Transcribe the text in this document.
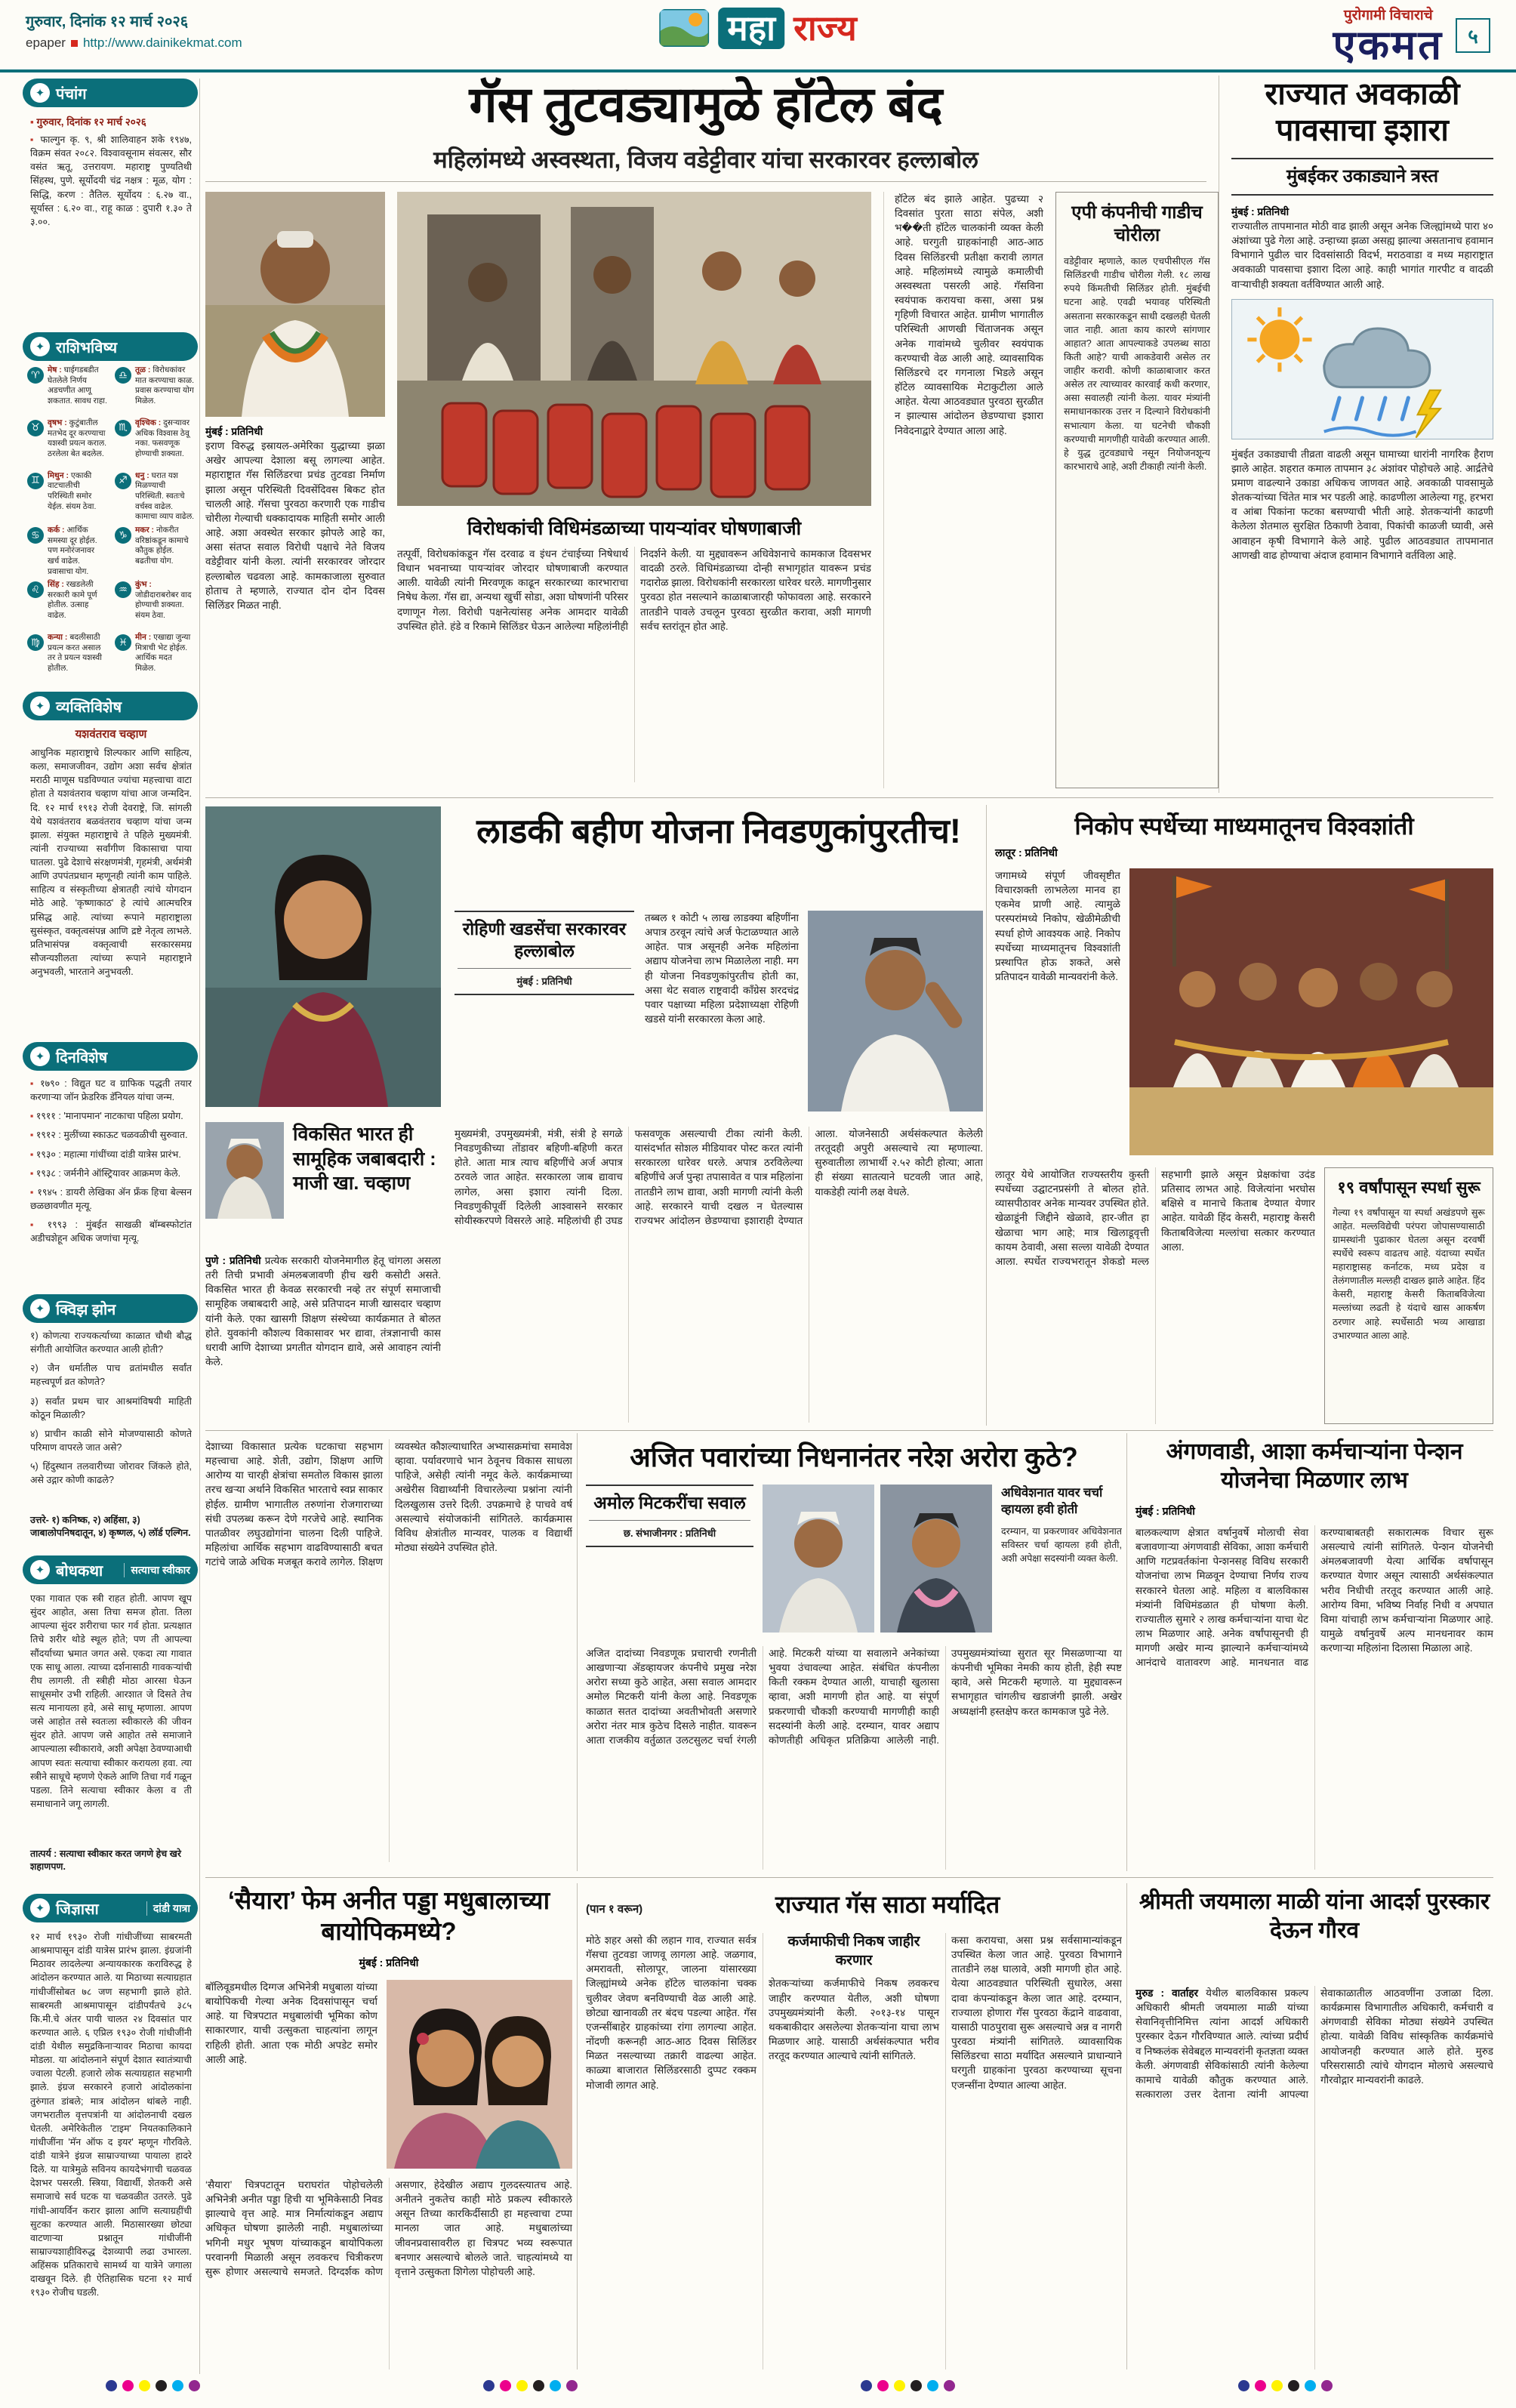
गुरुवार, दिनांक १२ मार्च २०२६
epaper http://www.dainikekmat.com	महा राज्य	पुरोगामी विचाराचे
एकमत	५
✦ पंचांग
▪ गुरुवार, दिनांक १२ मार्च २०२६
▪ फाल्गुन कृ. ९, श्री शालिवाहन शके १९४७, विक्रम संवत २०८२. विश्वावसूनाम संवत्सर, सौर वसंत ऋतू, उत्तरायण. महाराष्ट्र पुण्यतिथी सिंहस्थ, पुणे. सूर्योदयी चंद्र नक्षत्र : मूळ, योग : सिद्धि, करण : तैतिल. सूर्योदय : ६.२७ वा., सूर्यास्त : ६.२० वा., राहू काळ : दुपारी १.३० ते ३.००.
✦ राशिभविष्य
♈ मेष : घाईगडबडीत घेतलेले निर्णय अडचणीत आणू शकतात. सावध राहा.
♉ वृषभ : कुटुंबातील मतभेद दूर करण्याचा यशस्वी प्रयत्न कराल. ठरलेला बेत बदलेल.
♊ मिथुन : एकाकी वाटचालीची परिस्थिती समोर येईल. संयम ठेवा.
♋ कर्क : आर्थिक समस्या दूर होईल. पण मनोरंजनावर खर्च वाढेल. प्रवासाचा योग.
♌ सिंह : रखडलेली सरकारी कामे पूर्ण होतील. उत्साह वाढेल.
♍ कन्या : बदलीसाठी प्रयत्न करत असाल तर ते प्रयत्न यशस्वी होतील.
♎ तूळ : विरोधकांवर मात करण्याचा काळ. प्रवास करण्याचा योग मिळेल.
♏ वृश्चिक : दुसऱ्यावर अधिक विश्वास ठेवू नका. फसवणूक होण्याची शक्यता.
♐ धनु : घरात यश मिळण्याची परिस्थिती. स्वतःचे वर्चस्व वाढेल. कामाचा व्याप वाढेल.
♑ मकर : नोकरीत वरिष्ठांकडून कामाचे कौतुक होईल. बढतीचा योग.
♒ कुंभ : जोडीदाराबरोबर वाद होण्याची शक्यता. संयम ठेवा.
♓ मीन : एखाद्या जुन्या मित्राची भेट होईल. आर्थिक मदत मिळेल.
✦ व्यक्तिविशेष
यशवंतराव चव्हाण
आधुनिक महाराष्ट्राचे शिल्पकार आणि साहित्य, कला, समाजजीवन, उद्योग अशा सर्वच क्षेत्रांत मराठी माणूस घडविण्यात ज्यांचा महत्त्वाचा वाटा होता ते यशवंतराव चव्हाण यांचा आज जन्मदिन. दि. १२ मार्च १९१३ रोजी देवराष्ट्रे, जि. सांगली येथे यशवंतराव बळवंतराव चव्हाण यांचा जन्म झाला. संयुक्त महाराष्ट्राचे ते पहिले मुख्यमंत्री. त्यांनी राज्याच्या सर्वांगीण विकासाचा पाया घातला. पुढे देशाचे संरक्षणमंत्री, गृहमंत्री, अर्थमंत्री आणि उपपंतप्रधान म्हणूनही त्यांनी काम पाहिले. साहित्य व संस्कृतीच्या क्षेत्रातही त्यांचे योगदान मोठे आहे. 'कृष्णाकाठ' हे त्यांचे आत्मचरित्र प्रसिद्ध आहे. त्यांच्या रूपाने महाराष्ट्राला सुसंस्कृत, वक्तृत्वसंपन्न आणि द्रष्टे नेतृत्व लाभले. प्रतिभासंपन्न वक्तृत्वाची सरकारसमग्र सौजन्यशीलता त्यांच्या रूपाने महाराष्ट्राने अनुभवली, भारताने अनुभवली.
✦ दिनविशेष
▪ १७९० : विद्युत घट व ग्राफिक पद्धती तयार करणाऱ्या जॉन फ्रेडरिक डॅनियल यांचा जन्म.
▪ १९११ : 'मानापमान' नाटकाचा पहिला प्रयोग.
▪ १९१२ : मुलींच्या स्काऊट चळवळीची सुरुवात.
▪ १९३० : महात्मा गांधींच्या दांडी यात्रेस प्रारंभ.
▪ १९३८ : जर्मनीने ऑस्ट्रियावर आक्रमण केले.
▪ १९४५ : डायरी लेखिका ॲन फ्रँक हिचा बेल्सन छळछावणीत मृत्यू.
▪ १९९३ : मुंबईत साखळी बॉम्बस्फोटांत अडीचशेहून अधिक जणांचा मृत्यू.
✦ क्विझ झोन
१) कोणत्या राज्यकर्त्याच्या काळात चौथी बौद्ध संगीती आयोजित करण्यात आली होती?
२) जैन धर्मातील पाच व्रतांमधील सर्वांत महत्त्वपूर्ण व्रत कोणते?
३) सर्वांत प्रथम चार आश्रमांविषयी माहिती कोठून मिळाली?
४) प्राचीन काळी सोने मोजण्यासाठी कोणते परिमाण वापरले जात असे?
५) हिंदुस्थान तलवारीच्या जोरावर जिंकले होते, असे उद्गार कोणी काढले?
उत्तरे- १) कनिष्क, २) अहिंसा, ३) जाबालोपनिषदातून, ४) कृष्णल, ५) लॉर्ड एल्गिन.
✦ बोधकथा	सत्याचा स्वीकार
एका गावात एक स्त्री राहत होती. आपण खूप सुंदर आहोत, असा तिचा समज होता. तिला आपल्या सुंदर शरीराचा फार गर्व होता. प्रत्यक्षात तिचे शरीर थोडे स्थूल होते; पण ती आपल्या सौंदर्याच्या भ्रमात जगत असे. एकदा त्या गावात एक साधू आला. त्याच्या दर्शनासाठी गावकऱ्यांची रीघ लागली. ती स्त्रीही मोठा आरसा घेऊन साधूसमोर उभी राहिली. आरशात जे दिसते तेच सत्य मानायला हवे, असे साधू म्हणाला. आपण जसे आहोत तसे स्वतःला स्वीकारले की जीवन सुंदर होते. आपण जसे आहोत तसे समाजाने आपल्याला स्वीकारावे, अशी अपेक्षा ठेवण्याआधी आपण स्वतः सत्याचा स्वीकार करायला हवा. त्या स्त्रीने साधूचे म्हणणे ऐकले आणि तिचा गर्व गळून पडला. तिने सत्याचा स्वीकार केला व ती समाधानाने जगू लागली.
तात्पर्य : सत्याचा स्वीकार करत जगणे हेच खरे शहाणपण.
✦ जिज्ञासा	दांडी यात्रा
१२ मार्च १९३० रोजी गांधीजींच्या साबरमती आश्रमापासून दांडी यात्रेस प्रारंभ झाला. इंग्रजांनी मिठावर लादलेल्या अन्यायकारक कराविरुद्ध हे आंदोलन करण्यात आले. या मिठाच्या सत्याग्रहात गांधीजींसोबत ७८ जण सहभागी झाले होते. साबरमती आश्रमापासून दांडीपर्यंतचे ३८५ कि.मी.चे अंतर पायी चालत २४ दिवसांत पार करण्यात आले. ६ एप्रिल १९३० रोजी गांधीजींनी दांडी येथील समुद्रकिनाऱ्यावर मिठाचा कायदा मोडला. या आंदोलनाने संपूर्ण देशात स्वातंत्र्याची ज्वाला पेटली. हजारो लोक सत्याग्रहात सहभागी झाले. इंग्रज सरकारने हजारो आंदोलकांना तुरुंगात डांबले; मात्र आंदोलन थांबले नाही. जगभरातील वृत्तपत्रांनी या आंदोलनाची दखल घेतली. अमेरिकेतील 'टाइम' नियतकालिकाने गांधीजींना 'मॅन ऑफ द इयर' म्हणून गौरविले. दांडी यात्रेने इंग्रज साम्राज्याच्या पायाला हादरे दिले. या यात्रेमुळे सविनय कायदेभंगाची चळवळ देशभर पसरली. स्त्रिया, विद्यार्थी, शेतकरी असे समाजाचे सर्व घटक या चळवळीत उतरले. पुढे गांधी-आयर्विन करार झाला आणि सत्याग्रहींची सुटका करण्यात आली. मिठासारख्या छोट्या वाटणाऱ्या प्रश्नातून गांधीजींनी साम्राज्यशाहीविरुद्ध देशव्यापी लढा उभारला. अहिंसक प्रतिकाराचे सामर्थ्य या यात्रेने जगाला दाखवून दिले. ही ऐतिहासिक घटना १२ मार्च १९३० रोजीच घडली.
गॅस तुटवड्यामुळे हॉटेल बंद
महिलांमध्ये अस्वस्थता, विजय वडेट्टीवार यांचा सरकारवर हल्लाबोल

मुंबई : प्रतिनिधी
इराण विरुद्ध इस्रायल-अमेरिका युद्धाच्या झळा अखेर आपल्या देशाला बसू लागल्या आहेत. महाराष्ट्रात गॅस सिलिंडरचा प्रचंड तुटवडा निर्माण झाला असून परिस्थिती दिवसेंदिवस बिकट होत चालली आहे. गॅसचा पुरवठा करणारी एक गाडीच चोरीला गेल्याची धक्कादायक माहिती समोर आली आहे. अशा अवस्थेत सरकार झोपले आहे का, असा संतप्त सवाल विरोधी पक्षाचे नेते विजय वडेट्टीवार यांनी केला. त्यांनी सरकारवर जोरदार हल्लाबोल चढवला आहे. कामकाजाला सुरुवात होताच ते म्हणाले, राज्यात दोन दोन दिवस सिलिंडर मिळत नाही.

विरोधकांची विधिमंडळाच्या पायऱ्यांवर घोषणाबाजी
तत्पूर्वी, विरोधकांकडून गॅस दरवाढ व इंधन टंचाईच्या निषेधार्थ विधान भवनाच्या पायऱ्यांवर जोरदार घोषणाबाजी करण्यात आली. यावेळी त्यांनी मिरवणूक काढून सरकारच्या कारभाराचा निषेध केला. गॅस द्या, अन्यथा खुर्ची सोडा, अशा घोषणांनी परिसर दणाणून गेला. विरोधी पक्षनेत्यांसह अनेक आमदार यावेळी उपस्थित होते. हंडे व रिकामे सिलिंडर घेऊन आलेल्या महिलांनीही निदर्शने केली. या मुद्द्यावरून अधिवेशनाचे कामकाज दिवसभर वादळी ठरले. विधिमंडळाच्या दोन्ही सभागृहांत यावरून प्रचंड गदारोळ झाला. विरोधकांनी सरकारला धारेवर धरले. मागणीनुसार पुरवठा होत नसल्याने काळाबाजारही फोफावला आहे. सरकारने तातडीने पावले उचलून पुरवठा सुरळीत करावा, अशी मागणी सर्वच स्तरांतून होत आहे.
हॉटेल बंद झाले आहेत. पुढच्या २ दिवसांत पुरता साठा संपेल, अशी भ��ती हॉटेल चालकांनी व्यक्त केली आहे. घरगुती ग्राहकांनाही आठ-आठ दिवस सिलिंडरची प्रतीक्षा करावी लागत आहे. महिलांमध्ये त्यामुळे कमालीची अस्वस्थता पसरली आहे. गॅसविना स्वयंपाक करायचा कसा, असा प्रश्न गृहिणी विचारत आहेत. ग्रामीण भागातील परिस्थिती आणखी चिंताजनक असून अनेक गावांमध्ये चुलीवर स्वयंपाक करण्याची वेळ आली आहे. व्यावसायिक सिलिंडरचे दर गगनाला भिडले असून हॉटेल व्यावसायिक मेटाकुटीला आले आहेत. येत्या आठवड्यात पुरवठा सुरळीत न झाल्यास आंदोलन छेडण्याचा इशारा निवेदनाद्वारे देण्यात आला आहे.
एपी कंपनीची गाडीच चोरीला
वडेट्टीवार म्हणाले, काल एचपीसीएल गॅस सिलिंडरची गाडीच चोरीला गेली. १८ लाख रुपये किंमतीची सिलिंडर होती. मुंबईची घटना आहे. एवढी भयावह परिस्थिती असताना सरकारकडून साधी दखलही घेतली जात नाही. आता काय कारणे सांगणार आहात? आता आपल्याकडे उपलब्ध साठा किती आहे? याची आकडेवारी असेल तर जाहीर करावी. कोणी काळाबाजार करत असेल तर त्याच्यावर कारवाई कधी करणार, असा सवालही त्यांनी केला. यावर मंत्र्यांनी समाधानकारक उत्तर न दिल्याने विरोधकांनी सभात्याग केला. या घटनेची चौकशी करण्याची मागणीही यावेळी करण्यात आली. हे युद्ध तुटवड्याचे नसून नियोजनशून्य कारभाराचे आहे, अशी टीकाही त्यांनी केली.
राज्यात अवकाळी पावसाचा इशारा
मुंबईकर उकाड्याने त्रस्त

मुंबई : प्रतिनिधी
राज्यातील तापमानात मोठी वाढ झाली असून अनेक जिल्ह्यांमध्ये पारा ४० अंशांच्या पुढे गेला आहे. उन्हाच्या झळा असह्य झाल्या असतानाच हवामान विभागाने पुढील चार दिवसांसाठी विदर्भ, मराठवाडा व मध्य महाराष्ट्रात अवकाळी पावसाचा इशारा दिला आहे. काही भागांत गारपीट व वादळी वाऱ्याचीही शक्यता वर्तविण्यात आली आहे.

मुंबईत उकाड्याची तीव्रता वाढली असून घामाच्या धारांनी नागरिक हैराण झाले आहेत. शहरात कमाल तापमान ३८ अंशांवर पोहोचले आहे. आर्द्रतेचे प्रमाण वाढल्याने उकाडा अधिकच जाणवत आहे. अवकाळी पावसामुळे शेतकऱ्यांच्या चिंतेत मात्र भर पडली आहे. काढणीला आलेल्या गहू, हरभरा व आंबा पिकांना फटका बसण्याची भीती आहे. शेतकऱ्यांनी काढणी केलेला शेतमाल सुरक्षित ठिकाणी ठेवावा, पिकांची काळजी घ्यावी, असे आवाहन कृषी विभागाने केले आहे. पुढील आठवड्यात तापमानात आणखी वाढ होण्याचा अंदाज हवामान विभागाने वर्तविला आहे.
लाडकी बहीण योजना निवडणुकांपुरतीच!
रोहिणी खडसेंचा सरकारवर हल्लाबोल
मुंबई : प्रतिनिधी
तब्बल १ कोटी ५ लाख लाडक्या बहिणींना अपात्र ठरवून त्यांचे अर्ज फेटाळण्यात आले आहेत. पात्र असूनही अनेक महिलांना अद्याप योजनेचा लाभ मिळालेला नाही. मग ही योजना निवडणुकांपुरतीच होती का, असा थेट सवाल राष्ट्रवादी काँग्रेस शरदचंद्र पवार पक्षाच्या महिला प्रदेशाध्यक्षा रोहिणी खडसे यांनी सरकारला केला आहे.
मुख्यमंत्री, उपमुख्यमंत्री, मंत्री, संत्री हे सगळे निवडणुकीच्या तोंडावर बहिणी-बहिणी करत होते. आता मात्र त्याच बहिणींचे अर्ज अपात्र ठरवले जात आहेत. सरकारला जाब द्यावाच लागेल, असा इशारा त्यांनी दिला. निवडणुकीपूर्वी दिलेली आश्वासने सरकार सोयीस्करपणे विसरले आहे. महिलांची ही उघड फसवणूक असल्याची टीका त्यांनी केली. यासंदर्भात सोशल मीडियावर पोस्ट करत त्यांनी सरकारला धारेवर धरले. अपात्र ठरविलेल्या बहिणींचे अर्ज पुन्हा तपासावेत व पात्र महिलांना तातडीने लाभ द्यावा, अशी मागणी त्यांनी केली आहे. सरकारने याची दखल न घेतल्यास राज्यभर आंदोलन छेडण्याचा इशाराही देण्यात आला. योजनेसाठी अर्थसंकल्पात केलेली तरतूदही अपुरी असल्याचे त्या म्हणाल्या. सुरुवातीला लाभार्थी २.५२ कोटी होत्या; आता ही संख्या सातत्याने घटवली जात आहे, याकडेही त्यांनी लक्ष वेधले.
विकसित भारत ही सामूहिक जबाबदारी : माजी खा. चव्हाण
पुणे : प्रतिनिधी प्रत्येक सरकारी योजनेमागील हेतू चांगला असला तरी तिची प्रभावी अंमलबजावणी हीच खरी कसोटी असते. विकसित भारत ही केवळ सरकारची नव्हे तर संपूर्ण समाजाची सामूहिक जबाबदारी आहे, असे प्रतिपादन माजी खासदार चव्हाण यांनी केले. एका खासगी शिक्षण संस्थेच्या कार्यक्रमात ते बोलत होते. युवकांनी कौशल्य विकासावर भर द्यावा, तंत्रज्ञानाची कास धरावी आणि देशाच्या प्रगतीत योगदान द्यावे, असे आवाहन त्यांनी केले.
निकोप स्पर्धेच्या माध्यमातूनच विश्वशांती
लातूर : प्रतिनिधी
जगामध्ये संपूर्ण जीवसृष्टीत विचारशक्ती लाभलेला मानव हा एकमेव प्राणी आहे. त्यामुळे परस्परांमध्ये निकोप, खेळीमेळीची स्पर्धा होणे आवश्यक आहे. निकोप स्पर्धेच्या माध्यमातूनच विश्वशांती प्रस्थापित होऊ शकते, असे प्रतिपादन यावेळी मान्यवरांनी केले.
लातूर येथे आयोजित राज्यस्तरीय कुस्ती स्पर्धेच्या उद्घाटनप्रसंगी ते बोलत होते. व्यासपीठावर अनेक मान्यवर उपस्थित होते. खेळाडूंनी जिद्दीने खेळावे, हार-जीत हा खेळाचा भाग आहे; मात्र खिलाडूवृत्ती कायम ठेवावी, असा सल्ला यावेळी देण्यात आला. स्पर्धेत राज्यभरातून शेकडो मल्ल सहभागी झाले असून प्रेक्षकांचा उदंड प्रतिसाद लाभत आहे. विजेत्यांना भरघोस बक्षिसे व मानाचे किताब देण्यात येणार आहेत. यावेळी हिंद केसरी, महाराष्ट्र केसरी किताबविजेत्या मल्लांचा सत्कार करण्यात आला.
१९ वर्षांपासून स्पर्धा सुरू
गेल्या १९ वर्षांपासून या स्पर्धा अखंडपणे सुरू आहेत. मल्लविद्येची परंपरा जोपासण्यासाठी ग्रामस्थांनी पुढाकार घेतला असून दरवर्षी स्पर्धेचे स्वरूप वाढतच आहे. यंदाच्या स्पर्धेत महाराष्ट्रासह कर्नाटक, मध्य प्रदेश व तेलंगणातील मल्लही दाखल झाले आहेत. हिंद केसरी, महाराष्ट्र केसरी किताबविजेत्या मल्लांच्या लढती हे यंदाचे खास आकर्षण ठरणार आहे. स्पर्धेसाठी भव्य आखाडा उभारण्यात आला आहे.
देशाच्या विकासात प्रत्येक घटकाचा सहभाग महत्त्वाचा आहे. शेती, उद्योग, शिक्षण आणि आरोग्य या चारही क्षेत्रांचा समतोल विकास झाला तरच खऱ्या अर्थाने विकसित भारताचे स्वप्न साकार होईल. ग्रामीण भागातील तरुणांना रोजगाराच्या संधी उपलब्ध करून देणे गरजेचे आहे. स्थानिक पातळीवर लघुउद्योगांना चालना दिली पाहिजे. महिलांचा आर्थिक सहभाग वाढविण्यासाठी बचत गटांचे जाळे अधिक मजबूत करावे लागेल. शिक्षण व्यवस्थेत कौशल्याधारित अभ्यासक्रमांचा समावेश व्हावा. पर्यावरणाचे भान ठेवूनच विकास साधला पाहिजे, असेही त्यांनी नमूद केले. कार्यक्रमाच्या अखेरीस विद्यार्थ्यांनी विचारलेल्या प्रश्नांना त्यांनी दिलखुलास उत्तरे दिली. उपक्रमाचे हे पाचवे वर्ष असल्याचे संयोजकांनी सांगितले. कार्यक्रमास विविध क्षेत्रांतील मान्यवर, पालक व विद्यार्थी मोठ्या संख्येने उपस्थित होते.
अजित पवारांच्या निधनानंतर नरेश अरोरा कुठे?
अमोल मिटकरींचा सवाल
छ. संभाजीनगर : प्रतिनिधी
अधिवेशनात यावर चर्चा व्हायला हवी होती
दरम्यान, या प्रकरणावर अधिवेशनात सविस्तर चर्चा व्हायला हवी होती, अशी अपेक्षा सदस्यांनी व्यक्त केली.
अजित दादांच्या निवडणूक प्रचाराची रणनीती आखणाऱ्या ॲडव्हायजर कंपनीचे प्रमुख नरेश अरोरा सध्या कुठे आहेत, असा सवाल आमदार अमोल मिटकरी यांनी केला आहे. निवडणूक काळात सतत दादांच्या अवतीभोवती असणारे अरोरा नंतर मात्र कुठेच दिसले नाहीत. यावरून आता राजकीय वर्तुळात उलटसुलट चर्चा रंगली आहे. मिटकरी यांच्या या सवालाने अनेकांच्या भुवया उंचावल्या आहेत. संबंधित कंपनीला किती रक्कम देण्यात आली, याचाही खुलासा व्हावा, अशी मागणी होत आहे. या संपूर्ण प्रकरणाची चौकशी करण्याची मागणीही काही सदस्यांनी केली आहे. दरम्यान, यावर अद्याप कोणतीही अधिकृत प्रतिक्रिया आलेली नाही. उपमुख्यमंत्र्यांच्या सुरात सूर मिसळणाऱ्या या कंपनीची भूमिका नेमकी काय होती, हेही स्पष्ट व्हावे, असे मिटकरी म्हणाले. या मुद्द्यावरून सभागृहात चांगलीच खडाजंगी झाली. अखेर अध्यक्षांनी हस्तक्षेप करत कामकाज पुढे नेले.
अंगणवाडी, आशा कर्मचाऱ्यांना पेन्शन योजनेचा मिळणार लाभ
मुंबई : प्रतिनिधी
बालकल्याण क्षेत्रात वर्षानुवर्षे मोलाची सेवा बजावणाऱ्या अंगणवाडी सेविका, आशा कर्मचारी आणि गटप्रवर्तकांना पेन्शनसह विविध सरकारी योजनांचा लाभ मिळवून देण्याचा निर्णय राज्य सरकारने घेतला आहे. महिला व बालविकास मंत्र्यांनी विधिमंडळात ही घोषणा केली. राज्यातील सुमारे २ लाख कर्मचाऱ्यांना याचा थेट लाभ मिळणार आहे. अनेक वर्षांपासूनची ही मागणी अखेर मान्य झाल्याने कर्मचाऱ्यांमध्ये आनंदाचे वातावरण आहे. मानधनात वाढ करण्याबाबतही सकारात्मक विचार सुरू असल्याचे त्यांनी सांगितले. पेन्शन योजनेची अंमलबजावणी येत्या आर्थिक वर्षापासून करण्यात येणार असून त्यासाठी अर्थसंकल्पात भरीव निधीची तरतूद करण्यात आली आहे. आरोग्य विमा, भविष्य निर्वाह निधी व अपघात विमा यांचाही लाभ कर्मचाऱ्यांना मिळणार आहे. यामुळे वर्षानुवर्षे अल्प मानधनावर काम करणाऱ्या महिलांना दिलासा मिळाला आहे.
‘सैयारा’ फेम अनीत पड्डा मधुबालाच्या बायोपिकमध्ये?
मुंबई : प्रतिनिधी
बॉलिवूडमधील दिग्गज अभिनेत्री मधुबाला यांच्या बायोपिकची गेल्या अनेक दिवसांपासून चर्चा आहे. या चित्रपटात मधुबालांची भूमिका कोण साकारणार, याची उत्सुकता चाहत्यांना लागून राहिली होती. आता एक मोठी अपडेट समोर आली आहे.
‘सैयारा’ चित्रपटातून घराघरांत पोहोचलेली अभिनेत्री अनीत पड्डा हिची या भूमिकेसाठी निवड झाल्याचे वृत्त आहे. मात्र निर्मात्यांकडून अद्याप अधिकृत घोषणा झालेली नाही. मधुबालांच्या भगिनी मधुर भूषण यांच्याकडून बायोपिकला परवानगी मिळाली असून लवकरच चित्रीकरण सुरू होणार असल्याचे समजते. दिग्दर्शक कोण असणार, हेदेखील अद्याप गुलदस्त्यातच आहे. अनीतने नुकतेच काही मोठे प्रकल्प स्वीकारले असून तिच्या कारकिर्दीसाठी हा महत्त्वाचा टप्पा मानला जात आहे. मधुबालांच्या जीवनप्रवासावरील हा चित्रपट भव्य स्वरूपात बनणार असल्याचे बोलले जाते. चाहत्यांमध्ये या वृत्ताने उत्सुकता शिगेला पोहोचली आहे.
(पान १ वरून)	राज्यात गॅस साठा मर्यादित

मोठे शहर असो की लहान गाव, राज्यात सर्वत्र गॅसचा तुटवडा जाणवू लागला आहे. जळगाव, अमरावती, सोलापूर, जालना यांसारख्या जिल्ह्यांमध्ये अनेक हॉटेल चालकांना चक्क चुलीवर जेवण बनविण्याची वेळ आली आहे. छोट्या खानावळी तर बंदच पडल्या आहेत. गॅस एजन्सींबाहेर ग्राहकांच्या रांगा लागल्या आहेत. नोंदणी करूनही आठ-आठ दिवस सिलिंडर मिळत नसल्याच्या तक्रारी वाढल्या आहेत. काळ्या बाजारात सिलिंडरसाठी दुप्पट रक्कम मोजावी लागत आहे.

कर्जमाफीची निकष जाहीर करणार

शेतकऱ्यांच्या कर्जमाफीचे निकष लवकरच जाहीर करण्यात येतील, अशी घोषणा उपमुख्यमंत्र्यांनी केली. २०१३-१४ पासून थकबाकीदार असलेल्या शेतकऱ्यांना याचा लाभ मिळणार आहे. यासाठी अर्थसंकल्पात भरीव तरतूद करण्यात आल्याचे त्यांनी सांगितले.

कसा करायचा, असा प्रश्न सर्वसामान्यांकडून उपस्थित केला जात आहे. पुरवठा विभागाने तातडीने लक्ष घालावे, अशी मागणी होत आहे. येत्या आठवड्यात परिस्थिती सुधारेल, असा दावा कंपन्यांकडून केला जात आहे. दरम्यान, राज्याला होणारा गॅस पुरवठा केंद्राने वाढवावा, यासाठी पाठपुरावा सुरू असल्याचे अन्न व नागरी पुरवठा मंत्र्यांनी सांगितले. व्यावसायिक सिलिंडरचा साठा मर्यादित असल्याने प्राधान्याने घरगुती ग्राहकांना पुरवठा करण्याच्या सूचना एजन्सींना देण्यात आल्या आहेत.

श्रीमती जयमाला माळी यांना आदर्श पुरस्कार देऊन गौरव
मुरुड : वार्ताहर येथील बालविकास प्रकल्प अधिकारी श्रीमती जयमाला माळी यांच्या सेवानिवृत्तीनिमित्त त्यांना आदर्श अधिकारी पुरस्कार देऊन गौरविण्यात आले. त्यांच्या प्रदीर्घ व निष्कलंक सेवेबद्दल मान्यवरांनी कृतज्ञता व्यक्त केली. अंगणवाडी सेविकांसाठी त्यांनी केलेल्या कामाचे यावेळी कौतुक करण्यात आले. सत्काराला उत्तर देताना त्यांनी आपल्या सेवाकाळातील आठवणींना उजाळा दिला. कार्यक्रमास विभागातील अधिकारी, कर्मचारी व अंगणवाडी सेविका मोठ्या संख्येने उपस्थित होत्या. यावेळी विविध सांस्कृतिक कार्यक्रमांचे आयोजनही करण्यात आले होते. मुरुड परिसरासाठी त्यांचे योगदान मोलाचे असल्याचे गौरवोद्गार मान्यवरांनी काढले.
